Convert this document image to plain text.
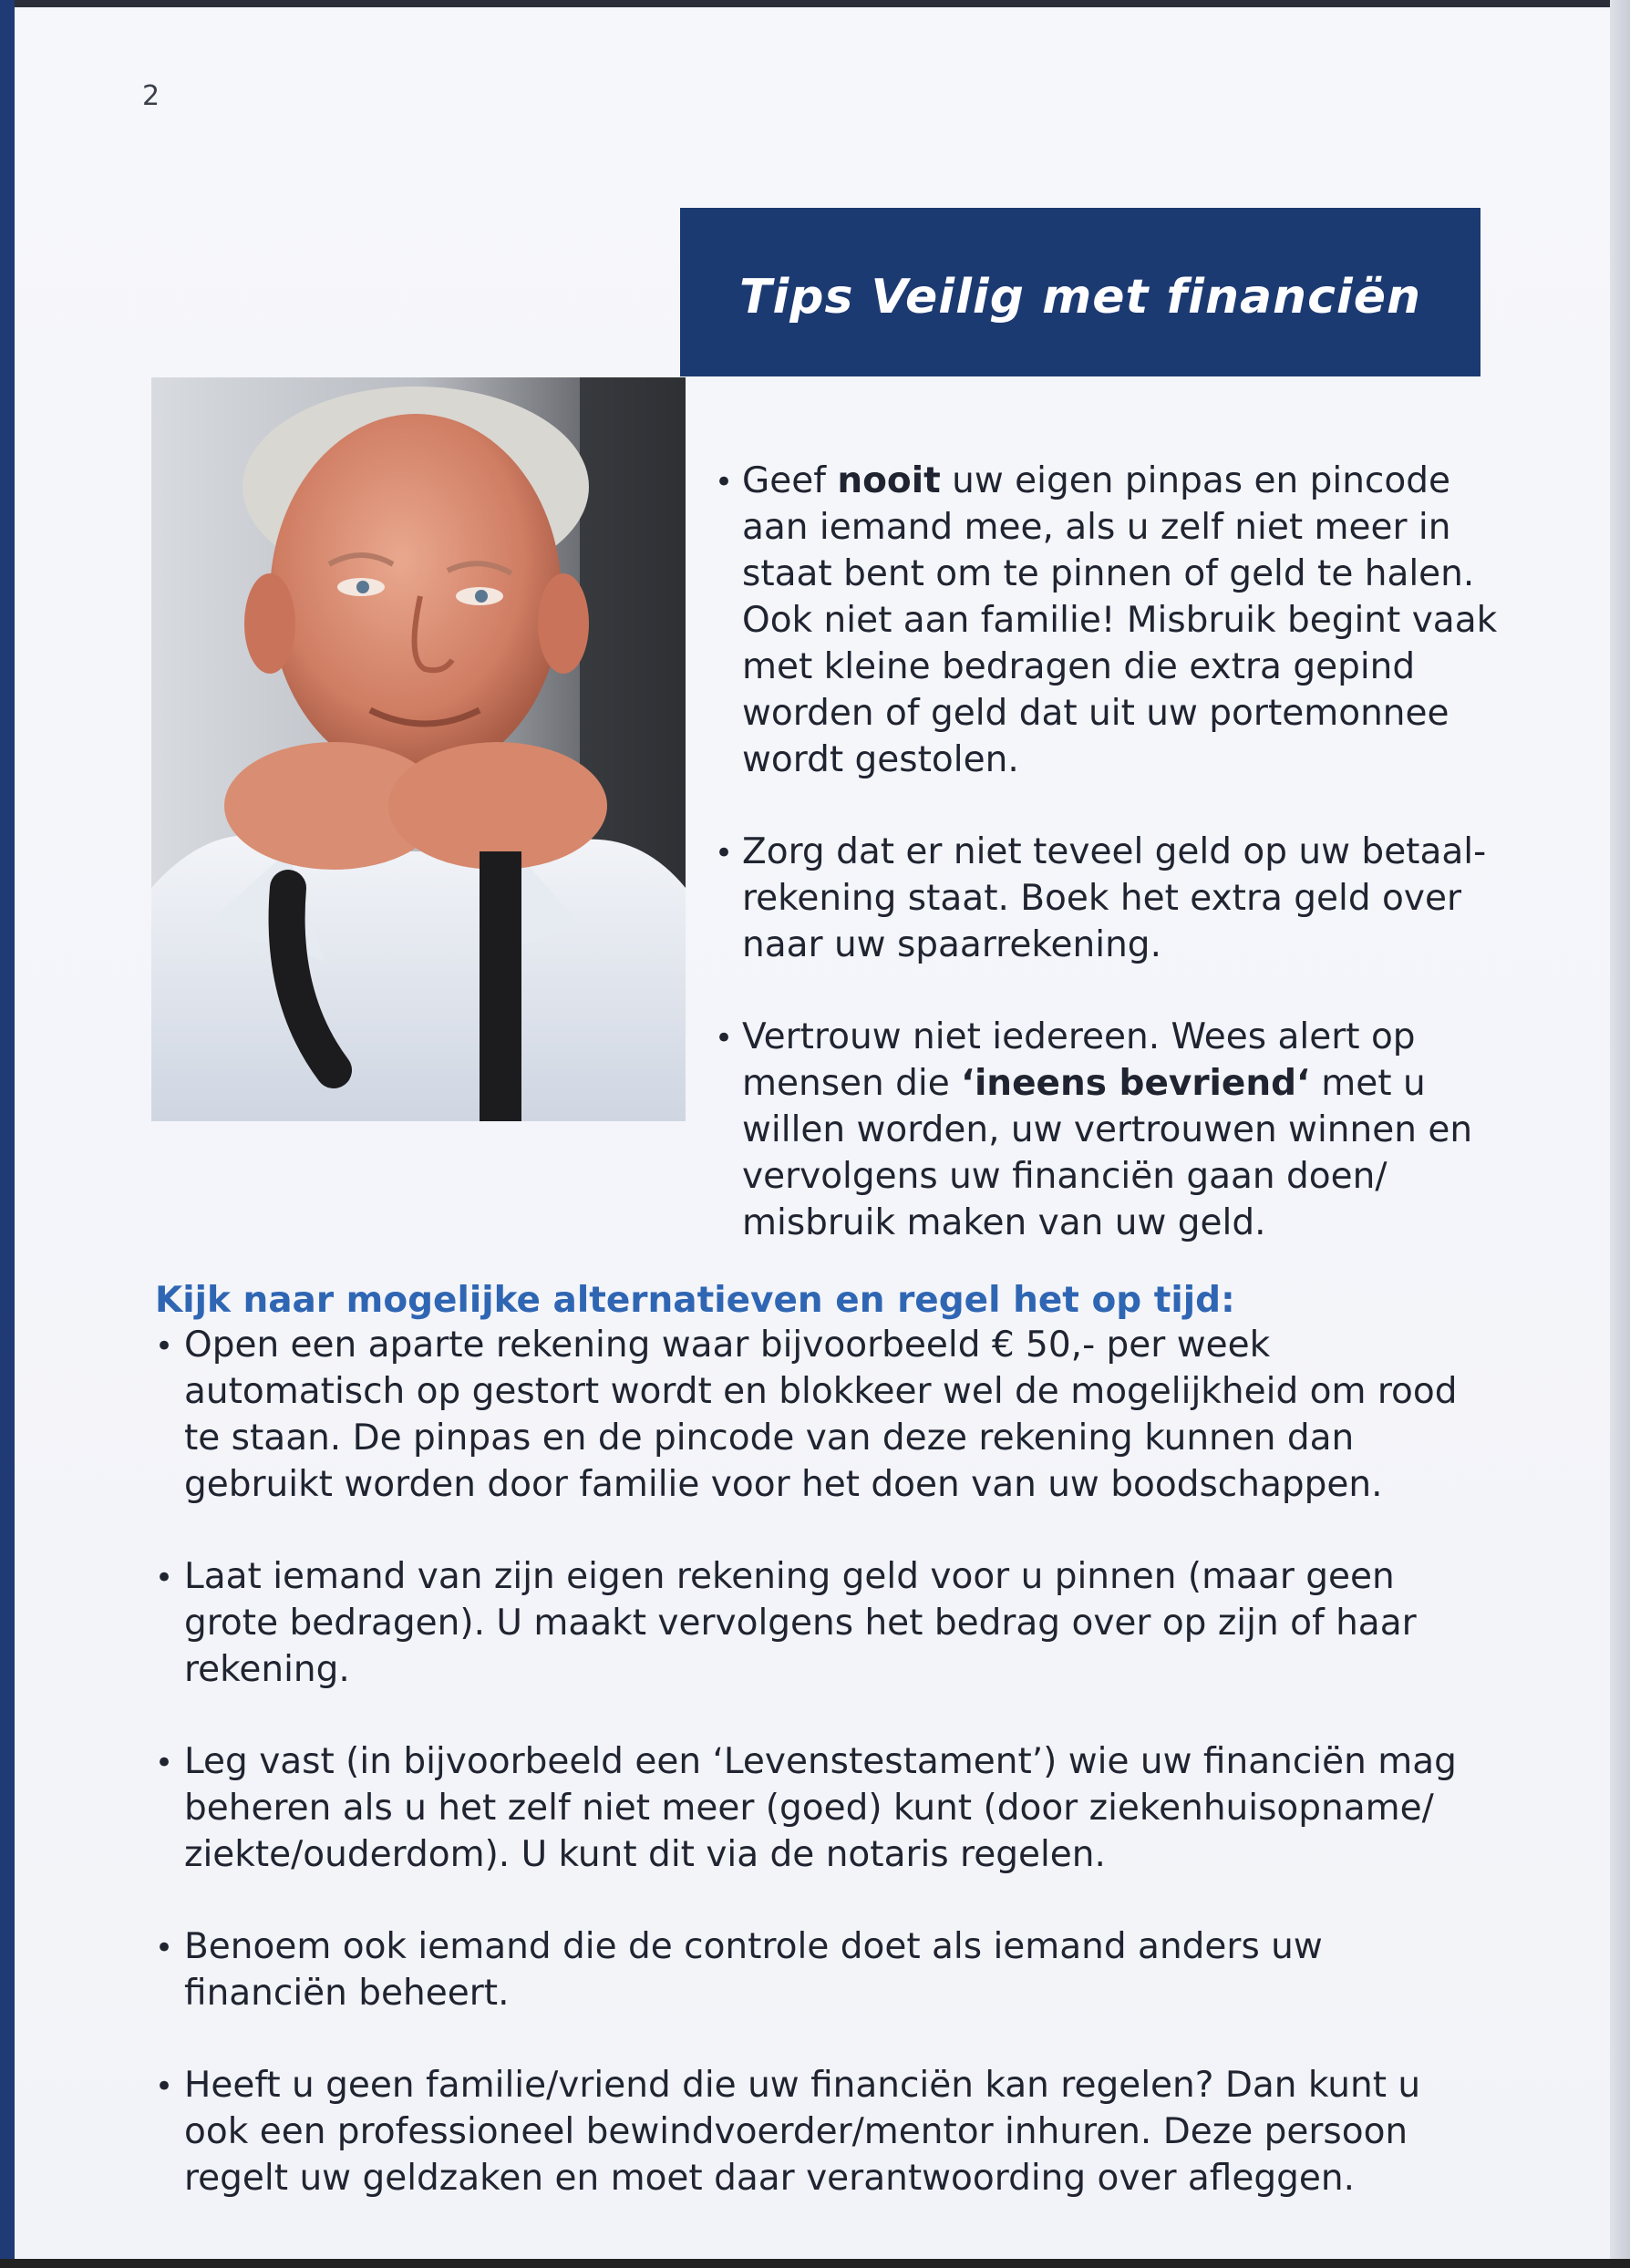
2
Tips Veilig met financiën
• Geef nooit uw eigen pinpas en pincode aan iemand mee, als u zelf niet meer in staat bent om te pinnen of geld te halen. Ook niet aan familie! Misbruik begint vaak met kleine bedragen die extra gepind worden of geld dat uit uw portemonnee wordt gestolen.
• Zorg dat er niet teveel geld op uw betaal-rekening staat. Boek het extra geld over naar uw spaarrekening.
• Vertrouw niet iedereen. Wees alert op mensen die ‘ineens bevriend‘ met u willen worden, uw vertrouwen winnen en vervolgens uw financiën gaan doen/ misbruik maken van uw geld.
Kijk naar mogelijke alternatieven en regel het op tijd:
• Open een aparte rekening waar bijvoorbeeld € 50,- per week automatisch op gestort wordt en blokkeer wel de mogelijkheid om rood te staan. De pinpas en de pincode van deze rekening kunnen dan gebruikt worden door familie voor het doen van uw boodschappen.
• Laat iemand van zijn eigen rekening geld voor u pinnen (maar geen grote bedragen). U maakt vervolgens het bedrag over op zijn of haar rekening.
• Leg vast (in bijvoorbeeld een ‘Levenstestament’) wie uw financiën mag beheren als u het zelf niet meer (goed) kunt (door ziekenhuisopname/ ziekte/ouderdom). U kunt dit via de notaris regelen.
• Benoem ook iemand die de controle doet als iemand anders uw financiën beheert.
• Heeft u geen familie/vriend die uw financiën kan regelen? Dan kunt u ook een professioneel bewindvoerder/mentor inhuren. Deze persoon regelt uw geldzaken en moet daar verantwoording over afleggen.
